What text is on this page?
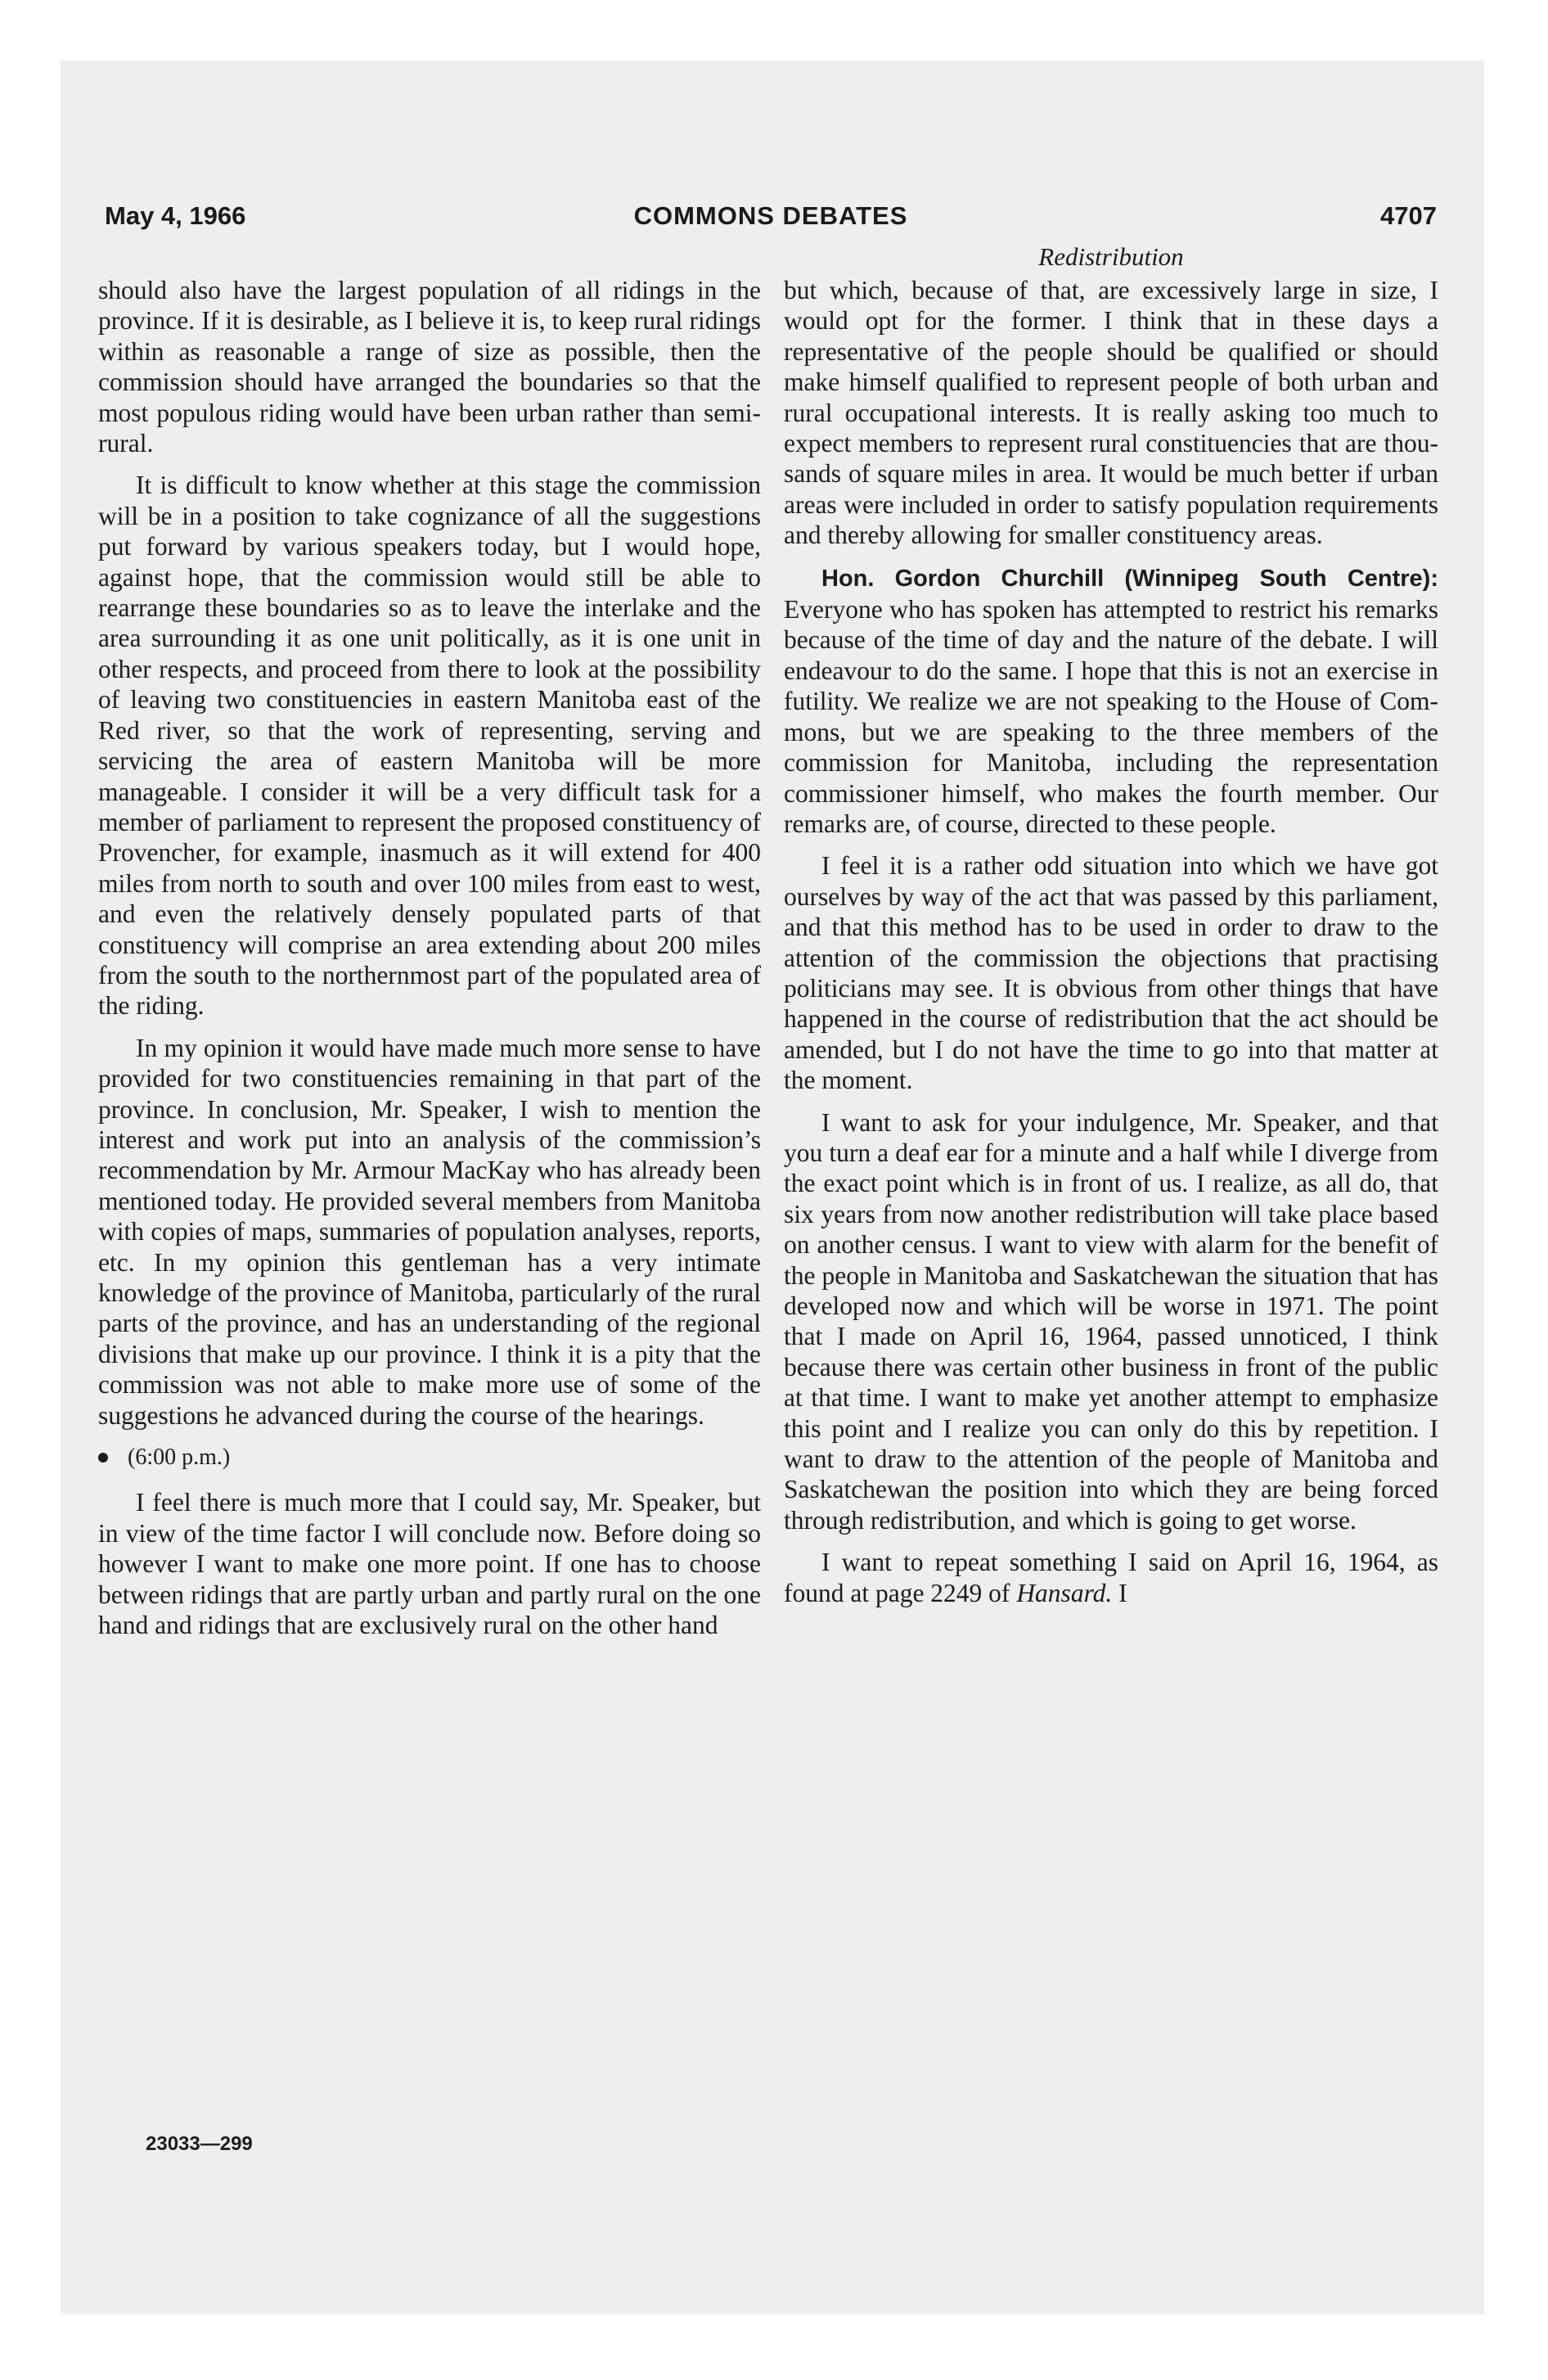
May 4, 1966	COMMONS DEBATES	4707
Redistribution

should also have the largest population of all ridings in the province. If it is desirable, as I believe it is, to keep rural ridings within as reasonable a range of size as possible, then the commission should have arranged the boundaries so that the most populous riding would have been urban rather than semi-rural.

It is difficult to know whether at this stage the commission will be in a position to take cognizance of all the suggestions put forward by various speakers today, but I would hope, against hope, that the commission would still be able to rearrange these boundaries so as to leave the interlake and the area surrounding it as one unit politically, as it is one unit in other respects, and proceed from there to look at the possibility of leaving two constituencies in eastern Manitoba east of the Red river, so that the work of representing, serving and servicing the area of eastern Manitoba will be more manageable. I consider it will be a very difficult task for a member of parliament to represent the proposed constituency of Provencher, for example, inasmuch as it will extend for 400 miles from north to south and over 100 miles from east to west, and even the relatively densely populated parts of that constituency will comprise an area extending about 200 miles from the south to the northernmost part of the populated area of the riding.

In my opinion it would have made much more sense to have provided for two constituencies remaining in that part of the province. In conclusion, Mr. Speaker, I wish to mention the interest and work put into an analysis of the commission’s recommendation by Mr. Armour MacKay who has already been mentioned today. He provided several members from Manitoba with copies of maps, summaries of population analyses, reports, etc. In my opinion this gentleman has a very intimate knowledge of the province of Manitoba, particularly of the rural parts of the province, and has an understanding of the regional divisions that make up our province. I think it is a pity that the commission was not able to make more use of some of the suggestions he advanced during the course of the hearings.

(6:00 p.m.)

I feel there is much more that I could say, Mr. Speaker, but in view of the time factor I will conclude now. Before doing so however I want to make one more point. If one has to choose between ridings that are partly urban and partly rural on the one hand and ridings that are exclusively rural on the other hand

but which, because of that, are excessively large in size, I would opt for the former. I think that in these days a representative of the people should be qualified or should make himself qualified to represent people of both urban and rural occupational interests. It is really asking too much to expect members to represent rural constituencies that are thousands of square miles in area. It would be much better if urban areas were included in order to satisfy population requirements and thereby allowing for smaller constituency areas.

Hon. Gordon Churchill (Winnipeg South Centre): Everyone who has spoken has attempted to restrict his remarks because of the time of day and the nature of the debate. I will endeavour to do the same. I hope that this is not an exercise in futility. We realize we are not speaking to the House of Commons, but we are speaking to the three members of the commission for Manitoba, including the representation commissioner himself, who makes the fourth member. Our remarks are, of course, directed to these people.

I feel it is a rather odd situation into which we have got ourselves by way of the act that was passed by this parliament, and that this method has to be used in order to draw to the attention of the commission the objections that practising politicians may see. It is obvious from other things that have happened in the course of redistribution that the act should be amended, but I do not have the time to go into that matter at the moment.

I want to ask for your indulgence, Mr. Speaker, and that you turn a deaf ear for a minute and a half while I diverge from the exact point which is in front of us. I realize, as all do, that six years from now another redistribution will take place based on another census. I want to view with alarm for the benefit of the people in Manitoba and Saskatchewan the situation that has developed now and which will be worse in 1971. The point that I made on April 16, 1964, passed unnoticed, I think because there was certain other business in front of the public at that time. I want to make yet another attempt to emphasize this point and I realize you can only do this by repetition. I want to draw to the attention of the people of Manitoba and Saskatchewan the position into which they are being forced through redistribution, and which is going to get worse.

I want to repeat something I said on April 16, 1964, as found at page 2249 of Hansard. I

23033—299
